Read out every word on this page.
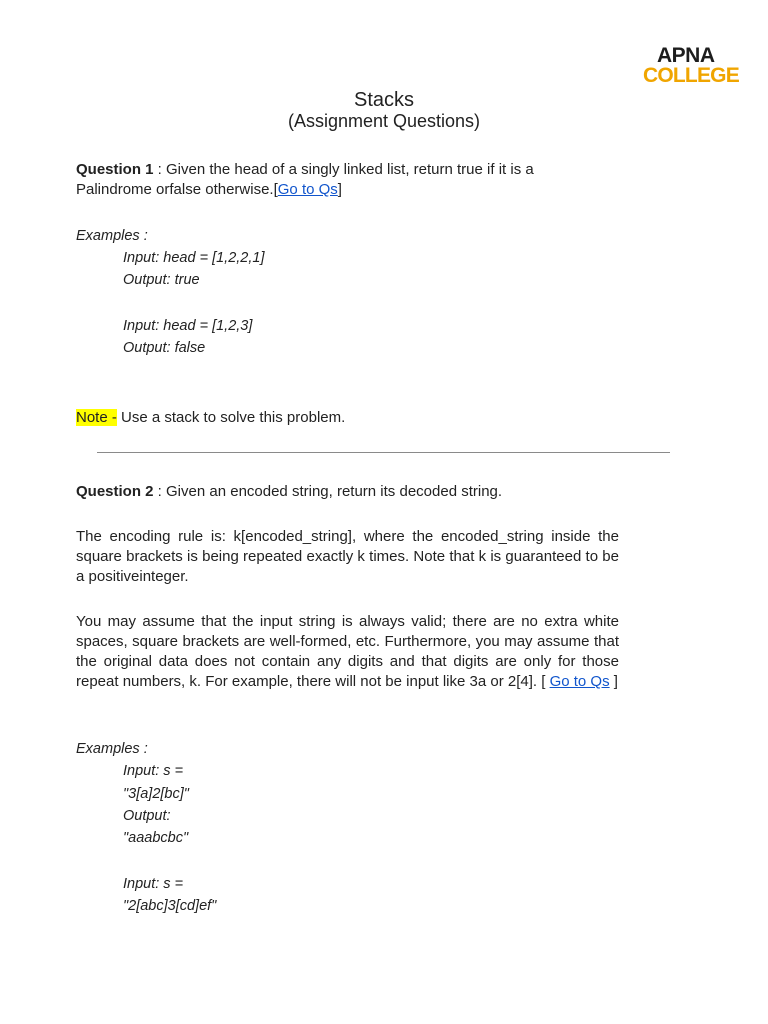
APNA
COLLEGE
Stacks
(Assignment Questions)
Question 1 : Given the head of a singly linked list, return true if it is a
Palindrome orfalse otherwise.[Go to Qs]
Examples :
Input: head = [1,2,2,1]
Output: true
Input: head = [1,2,3]
Output: false
Note - Use a stack to solve this problem.
Question 2 : Given an encoded string, return its decoded string.
The encoding rule is: k[encoded_string], where the encoded_string inside the square brackets is being repeated exactly k times. Note that k is guaranteed to be a positiveinteger.
You may assume that the input string is always valid; there are no extra white spaces, square brackets are well-formed, etc. Furthermore, you may assume that the original data does not contain any digits and that digits are only for those repeat numbers, k. For example, there will not be input like 3a or 2[4]. [ Go to Qs ]
Examples :
Input: s =
"3[a]2[bc]"
Output:
"aaabcbc"
Input: s =
"2[abc]3[cd]ef"
